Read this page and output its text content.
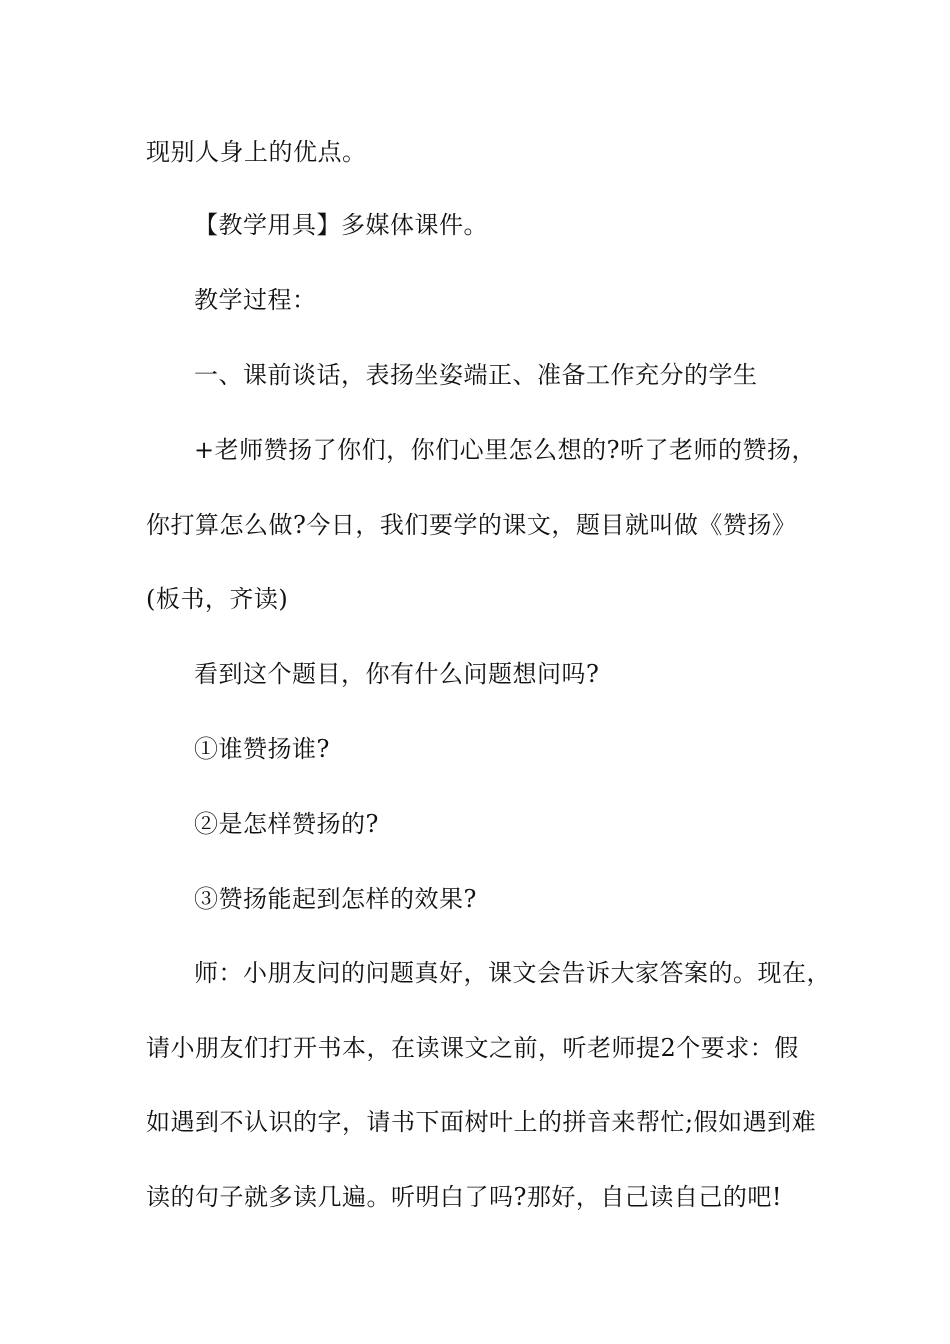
现别人身上的优点。
【教学用具】多媒体课件。
教学过程：
一、课前谈话，表扬坐姿端正、准备工作充分的学生
+老师赞扬了你们，你们心里怎么想的?听了老师的赞扬，
你打算怎么做?今日，我们要学的课文，题目就叫做《赞扬》
(板书，齐读)
看到这个题目，你有什么问题想问吗?
①谁赞扬谁?
②是怎样赞扬的?
③赞扬能起到怎样的效果?
师：小朋友问的问题真好，课文会告诉大家答案的。现在，
请小朋友们打开书本，在读课文之前，听老师提2个要求：假
如遇到不认识的字，请书下面树叶上的拼音来帮忙;假如遇到难
读的句子就多读几遍。听明白了吗?那好，自己读自己的吧!
